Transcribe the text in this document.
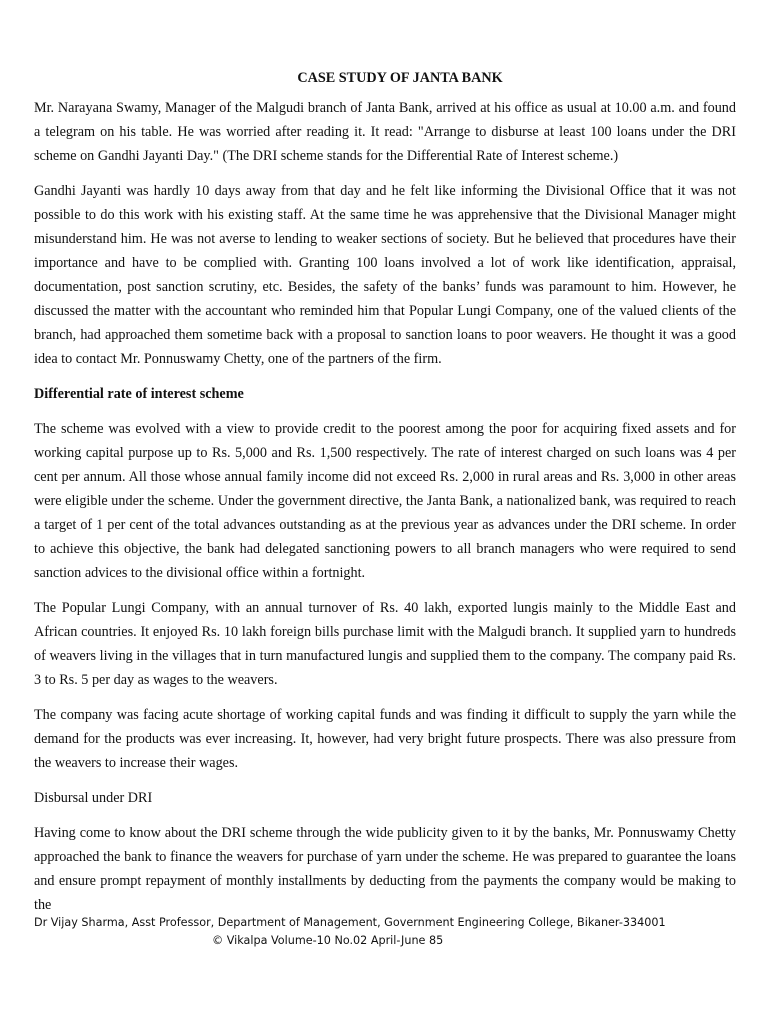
CASE STUDY OF JANTA BANK

Mr. Narayana Swamy, Manager of the Malgudi branch of Janta Bank, arrived at his office as usual at 10.00 a.m. and found a telegram on his table. He was worried after reading it. It read: "Arrange to disburse at least 100 loans under the DRI scheme on Gandhi Jayanti Day." (The DRI scheme stands for the Differential Rate of Interest scheme.)

Gandhi Jayanti was hardly 10 days away from that day and he felt like informing the Divisional Office that it was not possible to do this work with his existing staff. At the same time he was apprehensive that the Divisional Manager might misunderstand him. He was not averse to lending to weaker sections of society. But he believed that procedures have their importance and have to be complied with. Granting 100 loans involved a lot of work like identification, appraisal, documentation, post sanction scrutiny, etc. Besides, the safety of the banks’ funds was paramount to him. However, he discussed the matter with the accountant who reminded him that Popular Lungi Company, one of the valued clients of the branch, had approached them sometime back with a proposal to sanction loans to poor weavers. He thought it was a good idea to contact Mr. Ponnuswamy Chetty, one of the partners of the firm.

Differential rate of interest scheme

The scheme was evolved with a view to provide credit to the poorest among the poor for acquiring fixed assets and for working capital purpose up to Rs. 5,000 and Rs. 1,500 respectively. The rate of interest charged on such loans was 4 per cent per annum. All those whose annual family income did not exceed Rs. 2,000 in rural areas and Rs. 3,000 in other areas were eligible under the scheme. Under the government directive, the Janta Bank, a nationalized bank, was required to reach a target of 1 per cent of the total advances outstanding as at the previous year as advances under the DRI scheme. In order to achieve this objective, the bank had delegated sanctioning powers to all branch managers who were required to send sanction advices to the divisional office within a fortnight.

The Popular Lungi Company, with an annual turnover of Rs. 40 lakh, exported lungis mainly to the Middle East and African countries. It enjoyed Rs. 10 lakh foreign bills purchase limit with the Malgudi branch. It supplied yarn to hundreds of weavers living in the villages that in turn manufactured lungis and supplied them to the company. The company paid Rs. 3 to Rs. 5 per day as wages to the weavers.

The company was facing acute shortage of working capital funds and was finding it difficult to supply the yarn while the demand for the products was ever increasing. It, however, had very bright future prospects. There was also pressure from the weavers to increase their wages.

Disbursal under DRI

Having come to know about the DRI scheme through the wide publicity given to it by the banks, Mr. Ponnuswamy Chetty approached the bank to finance the weavers for purchase of yarn under the scheme. He was prepared to guarantee the loans and ensure prompt repayment of monthly installments by deducting from the payments the company would be making to the

Dr Vijay Sharma, Asst Professor, Department of Management, Government Engineering College, Bikaner-334001
© Vikalpa Volume-10 No.02 April-June 85
